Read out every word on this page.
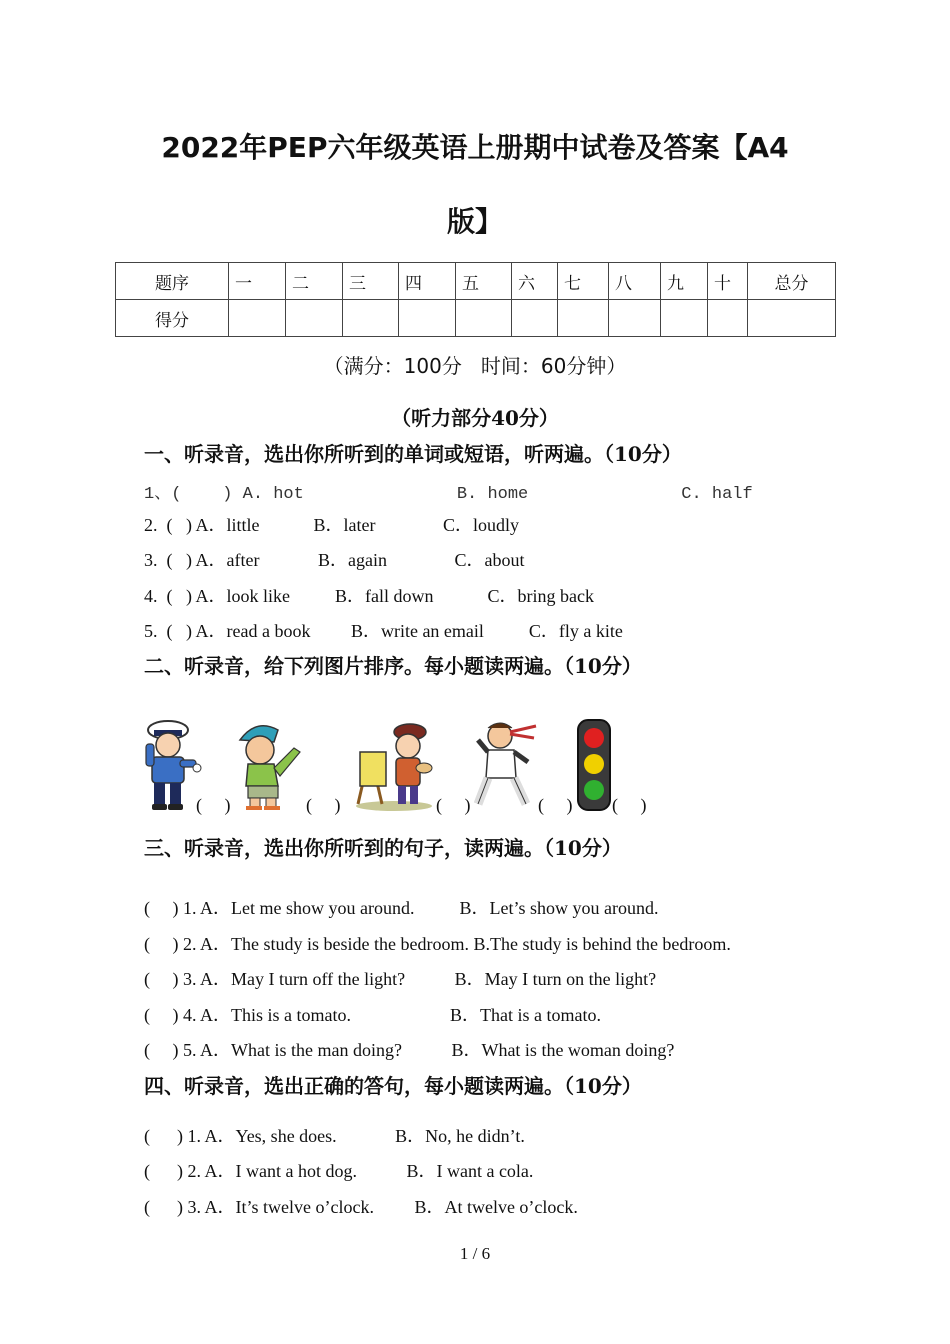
2022年PEP六年级英语上册期中试卷及答案【A4
版】
题序	一	二	三	四	五	六	七	八	九	十	总分
得分											
（满分：100分   时间：60分钟）
（听力部分40分）
一、听录音，选出你所听到的单词或短语，听两遍。（10分）
1、(    ) A. hot               B. home               C. half
2.  (   ) A．little            B．later               C．loudly
3.  (   ) A．after             B．again               C．about
4.  (   ) A．look like          B．fall down            C．bring back
5.  (   ) A．read a book         B．write an email          C．fly a kite
二、听录音，给下列图片排序。每小题读两遍。（10分）
(     )	(     )	(     )	(     ) (     )
三、听录音，选出你所听到的句子，读两遍。（10分）
(     ) 1. A．Let me show you around.          B．Let’s show you around.
(     ) 2. A．The study is beside the bedroom. B.The study is behind the bedroom.
(     ) 3. A．May I turn off the light?           B．May I turn on the light?
(     ) 4. A．This is a tomato.                      B．That is a tomato.
(     ) 5. A．What is the man doing?           B．What is the woman doing?
四、听录音，选出正确的答句，每小题读两遍。（10分）
(      ) 1. A．Yes, she does.             B．No, he didn’t.
(      ) 2. A．I want a hot dog.           B．I want a cola.
(      ) 3. A．It’s twelve o’clock.         B．At twelve o’clock.
1 / 6
